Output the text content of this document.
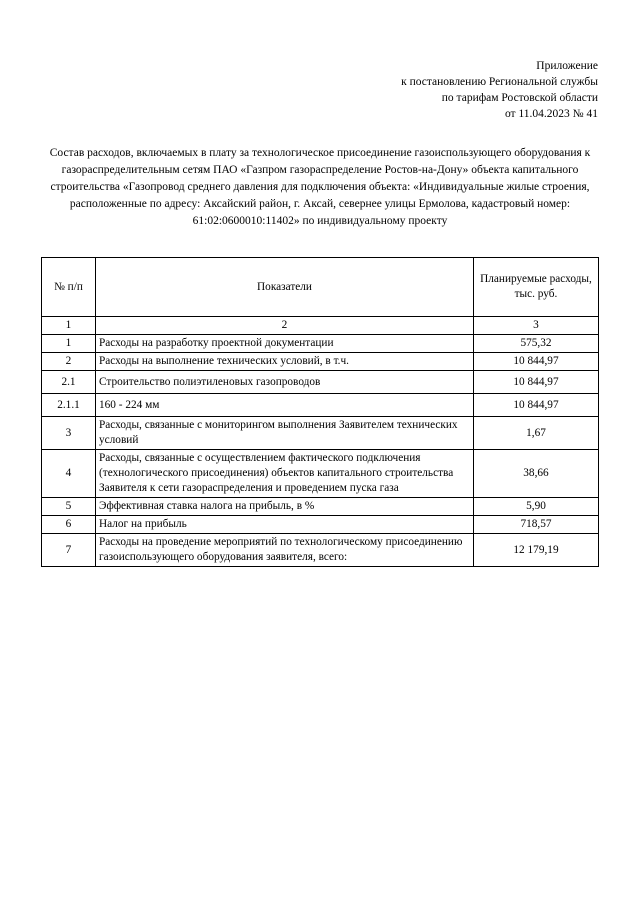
Приложение
к постановлению Региональной службы
по тарифам Ростовской области
от 11.04.2023 № 41
Состав расходов, включаемых в плату за технологическое присоединение газоиспользующего оборудования к
газораспределительным сетям ПАО «Газпром газораспределение Ростов-на-Дону» объекта капитального
строительства «Газопровод среднего давления для подключения объекта: «Индивидуальные жилые строения,
расположенные по адресу: Аксайский район, г. Аксай, севернее улицы Ермолова, кадастровый номер:
61:02:0600010:11402» по индивидуальному проекту
№ п/п	Показатели	Планируемые расходы, тыс. руб.
1	2	3
1	Расходы на разработку проектной документации	575,32
2	Расходы на выполнение технических условий, в т.ч.	10 844,97
2.1	Строительство полиэтиленовых газопроводов	10 844,97
2.1.1	160 - 224 мм	10 844,97
3	Расходы, связанные с мониторингом выполнения Заявителем технических условий	1,67
4	Расходы, связанные с осуществлением фактического подключения (технологического присоединения) объектов капитального строительства Заявителя к сети газораспределения и проведением пуска газа	38,66
5	Эффективная ставка налога на прибыль, в %	5,90
6	Налог на прибыль	718,57
7	Расходы на проведение мероприятий по технологическому присоединению газоиспользующего оборудования заявителя, всего:	12 179,19
